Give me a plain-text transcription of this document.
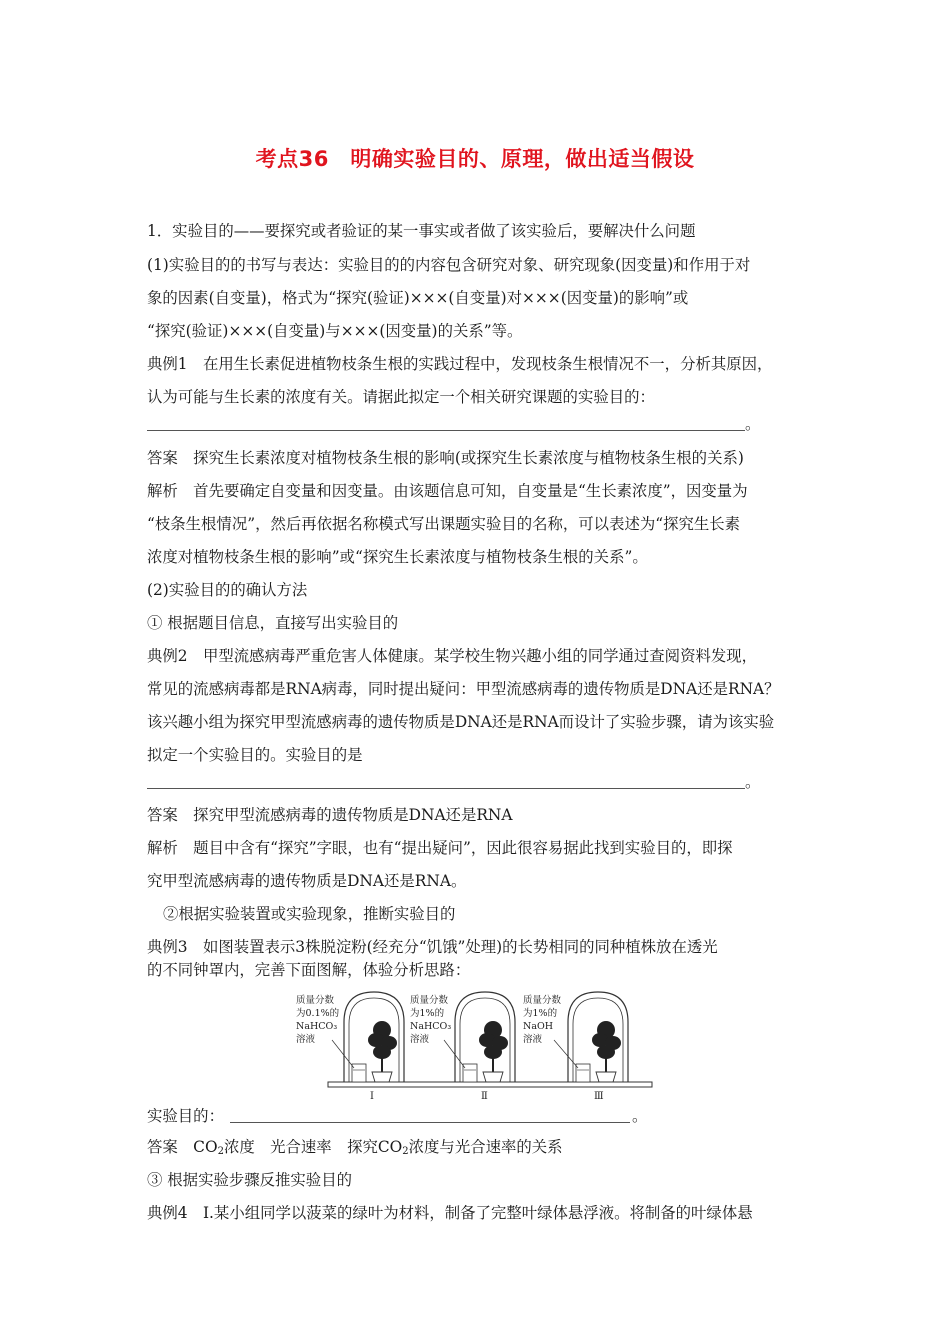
考点36　明确实验目的、原理，做出适当假设
1．实验目的——要探究或者验证的某一事实或者做了该实验后，要解决什么问题
(1)实验目的的书写与表达：实验目的的内容包含研究对象、研究现象(因变量)和作用于对
象的因素(自变量)，格式为“探究(验证)×××(自变量)对×××(因变量)的影响”或
“探究(验证)×××(自变量)与×××(因变量)的关系”等。
典例1　在用生长素促进植物枝条生根的实践过程中，发现枝条生根情况不一，分析其原因，
认为可能与生长素的浓度有关。请据此拟定一个相关研究课题的实验目的：
。
答案　探究生长素浓度对植物枝条生根的影响(或探究生长素浓度与植物枝条生根的关系)
解析　首先要确定自变量和因变量。由该题信息可知，自变量是“生长素浓度”，因变量为
“枝条生根情况”，然后再依据名称模式写出课题实验目的名称，可以表述为“探究生长素
浓度对植物枝条生根的影响”或“探究生长素浓度与植物枝条生根的关系”。
(2)实验目的的确认方法
① 根据题目信息，直接写出实验目的
典例2　甲型流感病毒严重危害人体健康。某学校生物兴趣小组的同学通过查阅资料发现，
常见的流感病毒都是RNA病毒，同时提出疑问：甲型流感病毒的遗传物质是DNA还是RNA？
该兴趣小组为探究甲型流感病毒的遗传物质是DNA还是RNA而设计了实验步骤，请为该实验
拟定一个实验目的。实验目的是
。
答案　探究甲型流感病毒的遗传物质是DNA还是RNA
解析　题目中含有“探究”字眼，也有“提出疑问”，因此很容易据此找到实验目的，即探
究甲型流感病毒的遗传物质是DNA还是RNA。
②根据实验装置或实验现象，推断实验目的
典例3　如图装置表示3株脱淀粉(经充分“饥饿”处理)的长势相同的同种植株放在透光
的不同钟罩内，完善下面图解，体验分析思路：
质量分数
为0.1%的
NaHCO₃
溶液
Ⅰ
质量分数
为1%的
NaHCO₃
溶液
Ⅱ
质量分数
为1%的
NaOH
溶液
Ⅲ
实验目的：	。
答案　$CO_2$浓度　光合速率　探究$CO_2$浓度与光合速率的关系
③ 根据实验步骤反推实验目的
典例4　Ⅰ.某小组同学以菠菜的绿叶为材料，制备了完整叶绿体悬浮液。将制备的叶绿体悬
